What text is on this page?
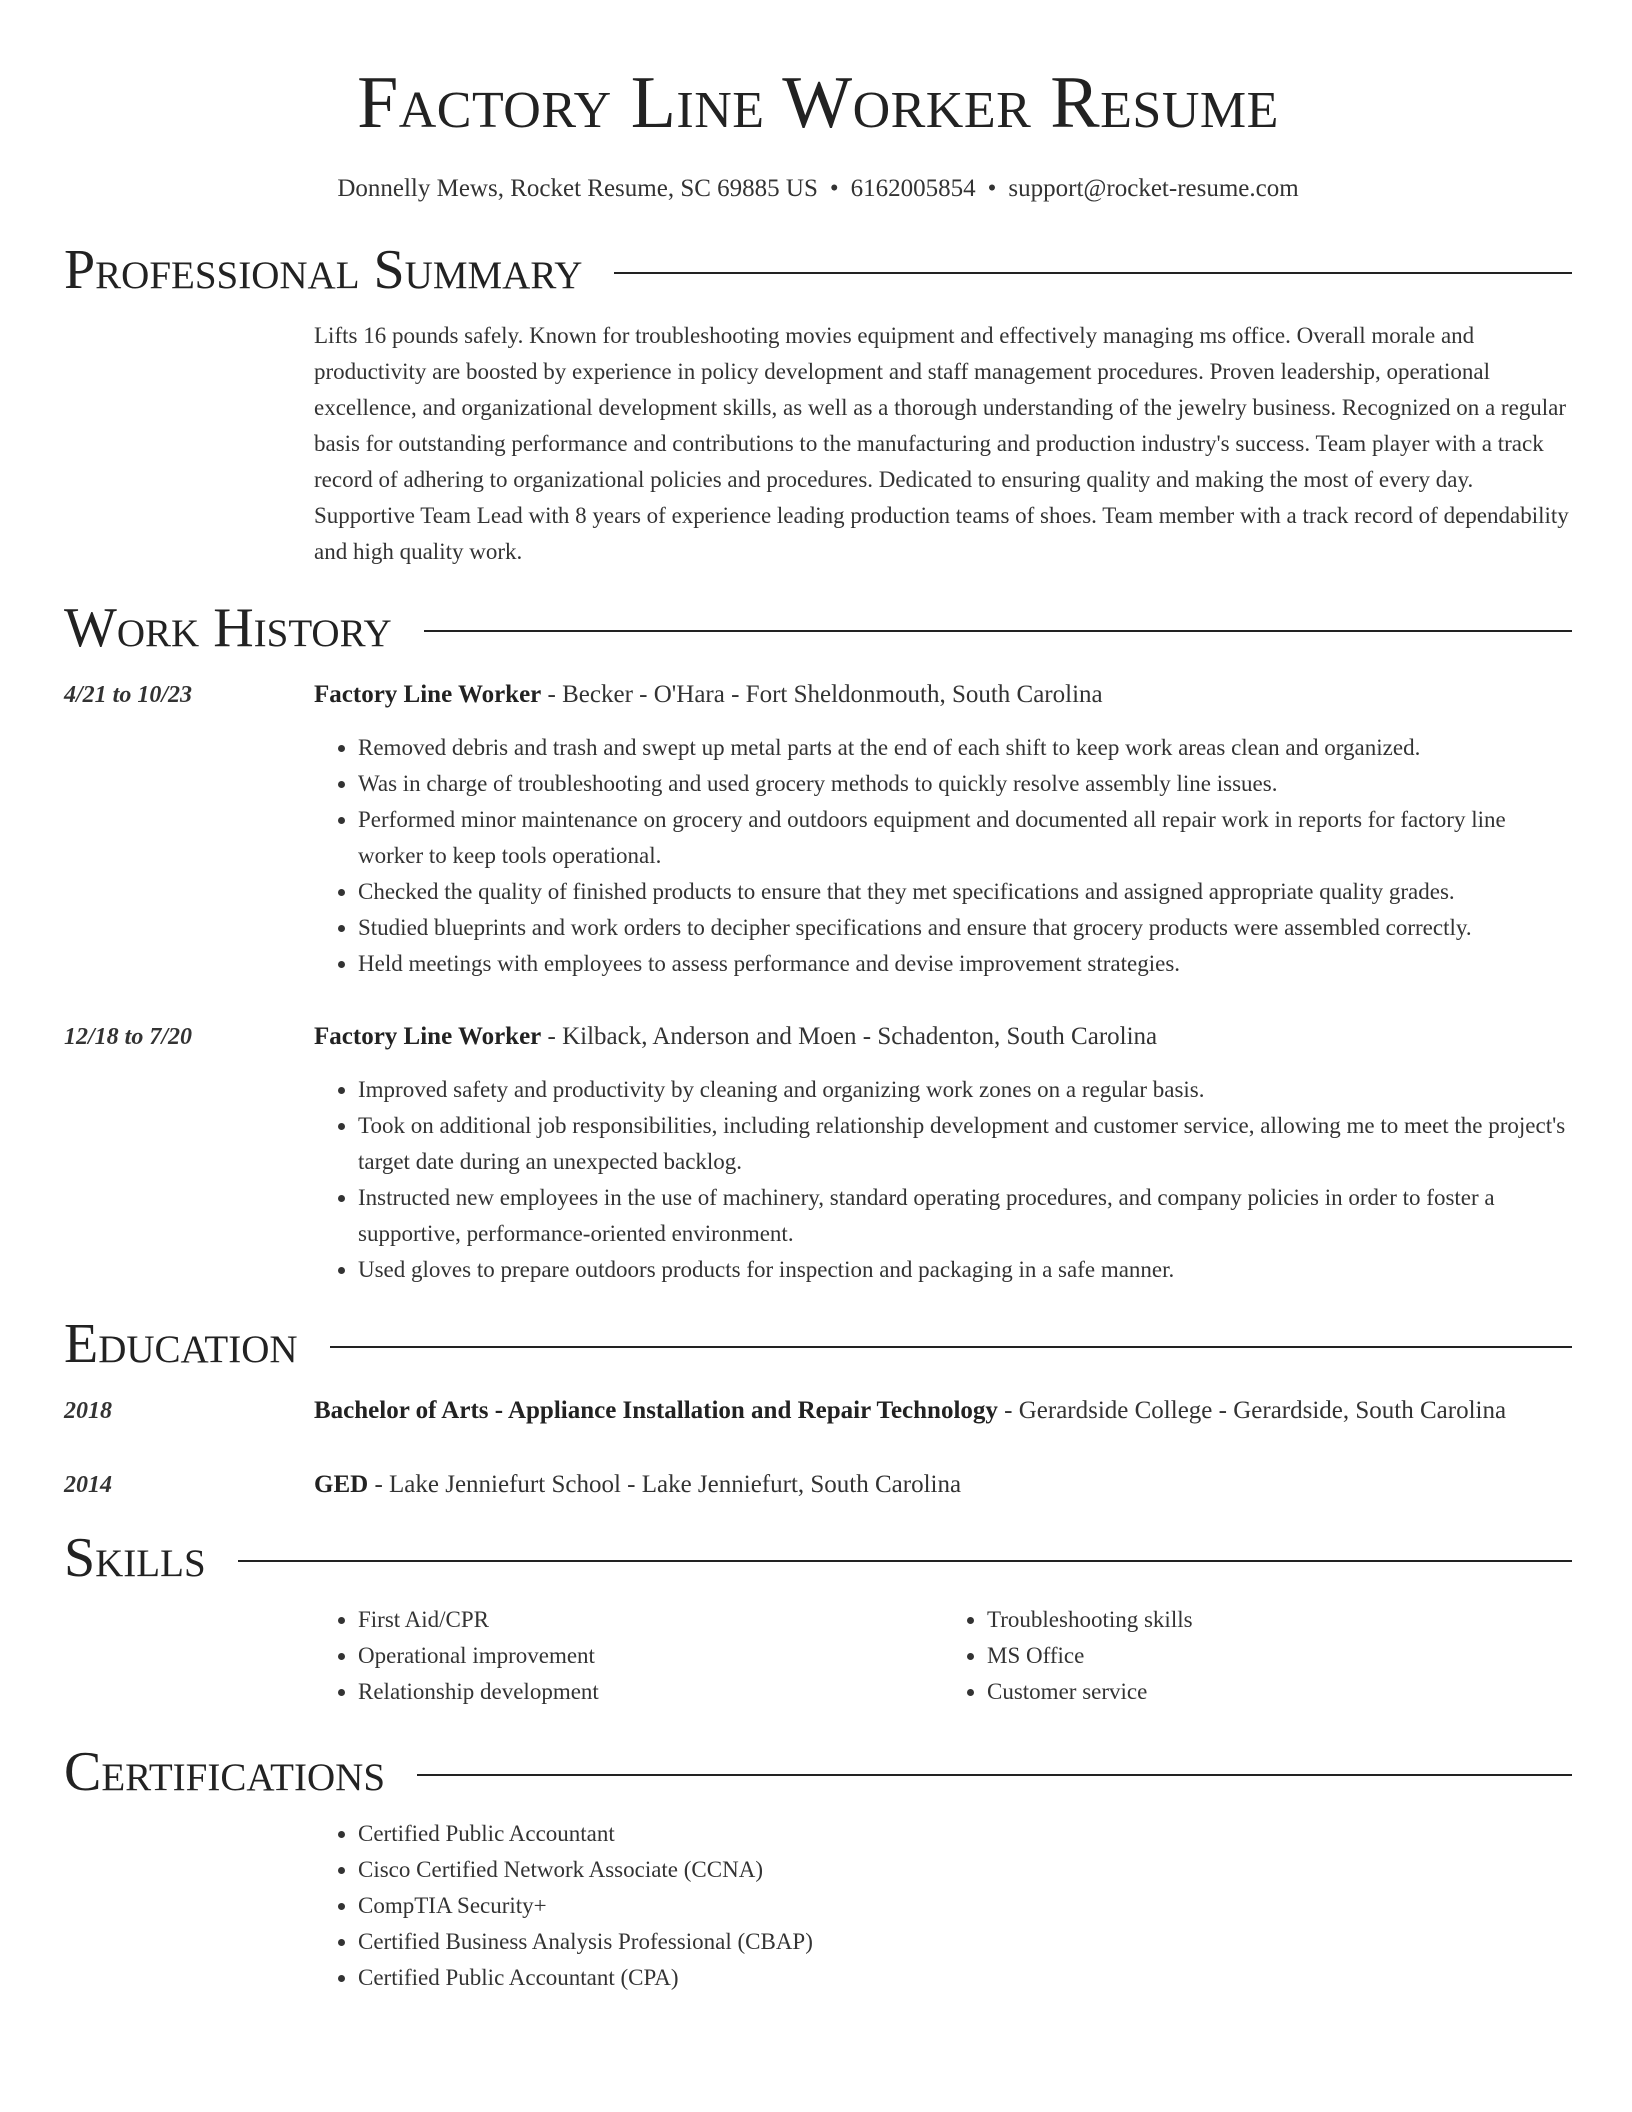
Factory Line Worker Resume
Donnelly Mews, Rocket Resume, SC 69885 US • 6162005854 • support@rocket-resume.com
Professional Summary

Lifts 16 pounds safely. Known for troubleshooting movies equipment and effectively managing ms office. Overall morale and productivity are boosted by experience in policy development and staff management procedures. Proven leadership, operational excellence, and organizational development skills, as well as a thorough understanding of the jewelry business. Recognized on a regular basis for outstanding performance and contributions to the manufacturing and production industry's success. Team player with a track record of adhering to organizational policies and procedures. Dedicated to ensuring quality and making the most of every day. Supportive Team Lead with 8 years of experience leading production teams of shoes. Team member with a track record of dependability and high quality work.

Work History
4/21 to 10/23	Factory Line Worker - Becker - O'Hara - Fort Sheldonmouth, South Carolina
• Removed debris and trash and swept up metal parts at the end of each shift to keep work areas clean and organized.
• Was in charge of troubleshooting and used grocery methods to quickly resolve assembly line issues.
• Performed minor maintenance on grocery and outdoors equipment and documented all repair work in reports for factory line worker to keep tools operational.
• Checked the quality of finished products to ensure that they met specifications and assigned appropriate quality grades.
• Studied blueprints and work orders to decipher specifications and ensure that grocery products were assembled correctly.
• Held meetings with employees to assess performance and devise improvement strategies.
12/18 to 7/20	Factory Line Worker - Kilback, Anderson and Moen - Schadenton, South Carolina
• Improved safety and productivity by cleaning and organizing work zones on a regular basis.
• Took on additional job responsibilities, including relationship development and customer service, allowing me to meet the project's target date during an unexpected backlog.
• Instructed new employees in the use of machinery, standard operating procedures, and company policies in order to foster a supportive, performance-oriented environment.
• Used gloves to prepare outdoors products for inspection and packaging in a safe manner.
Education
2018	Bachelor of Arts - Appliance Installation and Repair Technology - Gerardside College - Gerardside, South Carolina
2014	GED - Lake Jenniefurt School - Lake Jenniefurt, South Carolina
Skills
• First Aid/CPR
• Operational improvement
• Relationship development
• Troubleshooting skills
• MS Office
• Customer service
Certifications
• Certified Public Accountant
• Cisco Certified Network Associate (CCNA)
• CompTIA Security+
• Certified Business Analysis Professional (CBAP)
• Certified Public Accountant (CPA)
